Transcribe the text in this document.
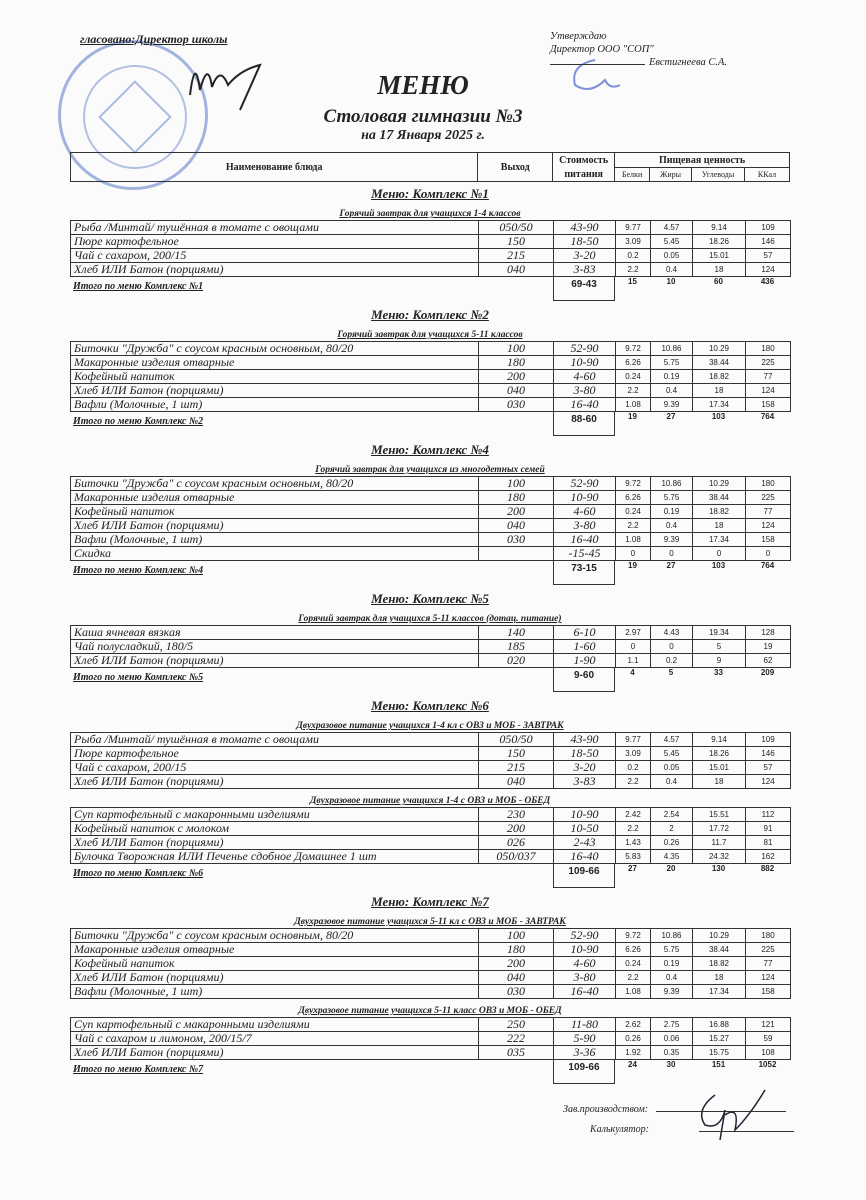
гласовано:Директор школы	Утверждаю
Директор ООО "СОП"
Евстигнеева С.А.
МЕНЮ
Столовая гимназии №3
на 17 Января 2025 г.
Наименование блюда	Выход	Стоимость	Пищевая ценность			
		питания	Белки	Жиры	Углеводы	ККал
Меню: Комплекс №1
Горячий завтрак для учащихся 1-4 классов
Рыба /Минтай/ тушённая в томате с овощами	050/50	43-90	9.77	4.57	9.14	109
Пюре картофельное	150	18-50	3.09	5.45	18.26	146
Чай с сахаром, 200/15	215	3-20	0.2	0.05	15.01	57
Хлеб ИЛИ Батон (порциями)	040	3-83	2.2	0.4	18	124
Итого по меню Комплекс №1	69-43	15	10	60	436
Меню: Комплекс №2
Горячий завтрак для учащихся 5-11 классов
Биточки "Дружба" с соусом красным основным, 80/20	100	52-90	9.72	10.86	10.29	180
Макаронные изделия отварные	180	10-90	6.26	5.75	38.44	225
Кофейный напиток	200	4-60	0.24	0.19	18.82	77
Хлеб ИЛИ Батон (порциями)	040	3-80	2.2	0.4	18	124
Вафли (Молочные, 1 шт)	030	16-40	1.08	9.39	17.34	158
Итого по меню Комплекс №2	88-60	19	27	103	764
Меню: Комплекс №4
Горячий завтрак для учащихся из многодетных семей
Биточки "Дружба" с соусом красным основным, 80/20	100	52-90	9.72	10.86	10.29	180
Макаронные изделия отварные	180	10-90	6.26	5.75	38.44	225
Кофейный напиток	200	4-60	0.24	0.19	18.82	77
Хлеб ИЛИ Батон (порциями)	040	3-80	2.2	0.4	18	124
Вафли (Молочные, 1 шт)	030	16-40	1.08	9.39	17.34	158
Скидка		-15-45	0	0	0	0
Итого по меню Комплекс №4	73-15	19	27	103	764
Меню: Комплекс №5
Горячий завтрак для учащихся 5-11 классов (дотац. питание)
Каша ячневая вязкая	140	6-10	2.97	4.43	19.34	128
Чай полусладкий, 180/5	185	1-60	0	0	5	19
Хлеб ИЛИ Батон (порциями)	020	1-90	1.1	0.2	9	62
Итого по меню Комплекс №5	9-60	4	5	33	209
Меню: Комплекс №6
Двухразовое питание учащихся 1-4 кл с ОВЗ и МОБ - ЗАВТРАК
Рыба /Минтай/ тушённая в томате с овощами	050/50	43-90	9.77	4.57	9.14	109
Пюре картофельное	150	18-50	3.09	5.45	18.26	146
Чай с сахаром, 200/15	215	3-20	0.2	0.05	15.01	57
Хлеб ИЛИ Батон (порциями)	040	3-83	2.2	0.4	18	124
Двухразовое питание учащихся 1-4 с ОВЗ и МОБ - ОБЕД
Суп картофельный с макаронными изделиями	230	10-90	2.42	2.54	15.51	112
Кофейный напиток с молоком	200	10-50	2.2	2	17.72	91
Хлеб ИЛИ Батон (порциями)	026	2-43	1.43	0.26	11.7	81
Булочка Творожная ИЛИ Печенье сдобное Домашнее 1 шт	050/037	16-40	5.83	4.35	24.32	162
Итого по меню Комплекс №6	109-66	27	20	130	882
Меню: Комплекс №7
Двухразовое питание учащихся 5-11 кл с ОВЗ и МОБ - ЗАВТРАК
Биточки "Дружба" с соусом красным основным, 80/20	100	52-90	9.72	10.86	10.29	180
Макаронные изделия отварные	180	10-90	6.26	5.75	38.44	225
Кофейный напиток	200	4-60	0.24	0.19	18.82	77
Хлеб ИЛИ Батон (порциями)	040	3-80	2.2	0.4	18	124
Вафли (Молочные, 1 шт)	030	16-40	1.08	9.39	17.34	158
Двухразовое питание учащихся 5-11 класс ОВЗ и МОБ - ОБЕД
Суп картофельный с макаронными изделиями	250	11-80	2.62	2.75	16.88	121
Чай с сахаром и лимоном, 200/15/7	222	5-90	0.26	0.06	15.27	59
Хлеб ИЛИ Батон (порциями)	035	3-36	1.92	0.35	15.75	108
Итого по меню Комплекс №7	109-66	24	30	151	1052
Зав.производством:
Калькулятор:
